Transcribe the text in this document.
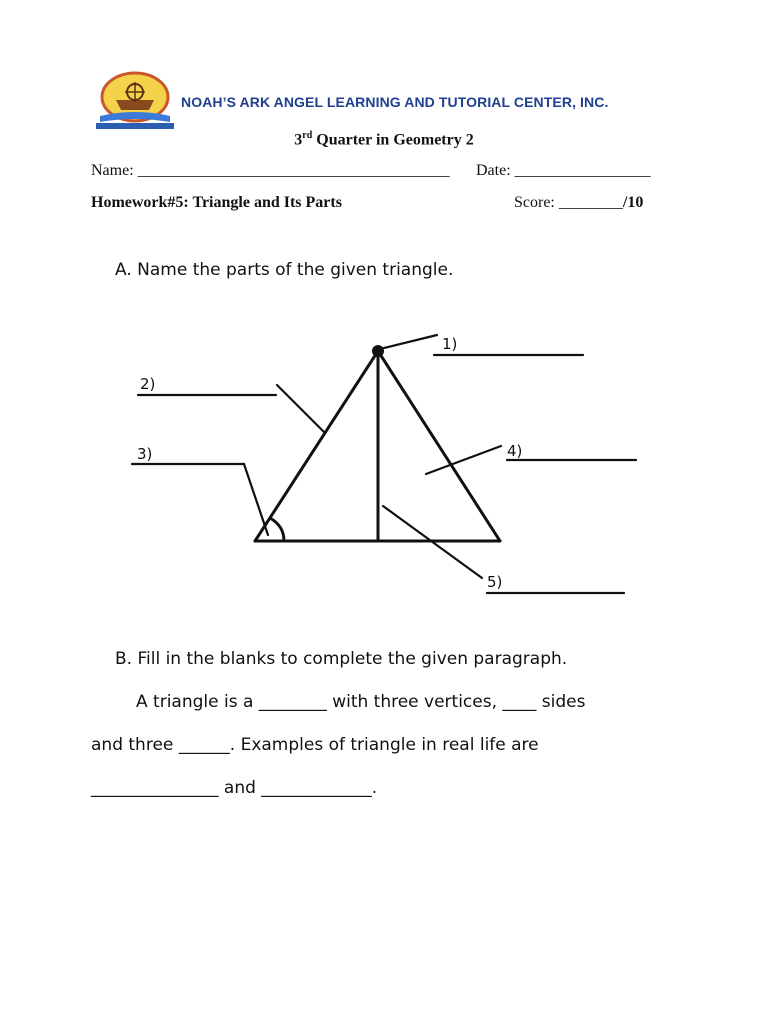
NOAH’S ARK ANGEL LEARNING AND TUTORIAL CENTER, INC.
3rd Quarter in Geometry 2
Name: _______________________________________ Date: _________________
Homework#5: Triangle and Its Parts	Score: ________/10
A. Name the parts of the given triangle.
1)
2)
3)	4)
5)
B. Fill in the blanks to complete the given paragraph.
A triangle is a ________ with three vertices, ____ sides
and three ______. Examples of triangle in real life are
_______________ and _____________.
